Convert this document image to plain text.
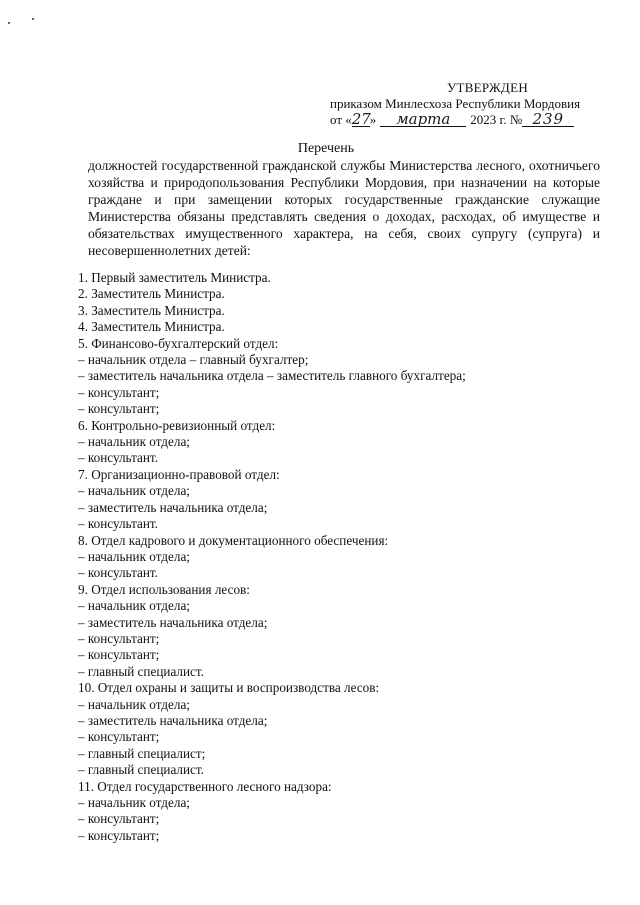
УТВЕРЖДЕН
приказом Минлесхоза Республики Мордовия
от «27» марта 2023 г. № 239
Перечень
должностей государственной гражданской службы Министерства лесного, охотничьего хозяйства и природопользования Республики Мордовия, при назначении на которые граждане и при замещении которых государственные гражданские служащие Министерства обязаны представлять сведения о доходах, расходах, об имуществе и обязательствах имущественного характера, на себя, своих супругу (супруга) и несовершеннолетних детей:
1. Первый заместитель Министра.
2. Заместитель Министра.
3. Заместитель Министра.
4. Заместитель Министра.
5. Финансово-бухгалтерский отдел:
– начальник отдела – главный бухгалтер;
– заместитель начальника отдела – заместитель главного бухгалтера;
– консультант;
– консультант;
6. Контрольно-ревизионный отдел:
– начальник отдела;
– консультант.
7. Организационно-правовой отдел:
– начальник отдела;
– заместитель начальника отдела;
– консультант.
8. Отдел кадрового и документационного обеспечения:
– начальник отдела;
– консультант.
9. Отдел использования лесов:
– начальник отдела;
– заместитель начальника отдела;
– консультант;
– консультант;
– главный специалист.
10. Отдел охраны и защиты и воспроизводства лесов:
– начальник отдела;
– заместитель начальника отдела;
– консультант;
– главный специалист;
– главный специалист.
11. Отдел государственного лесного надзора:
– начальник отдела;
– консультант;
– консультант;
